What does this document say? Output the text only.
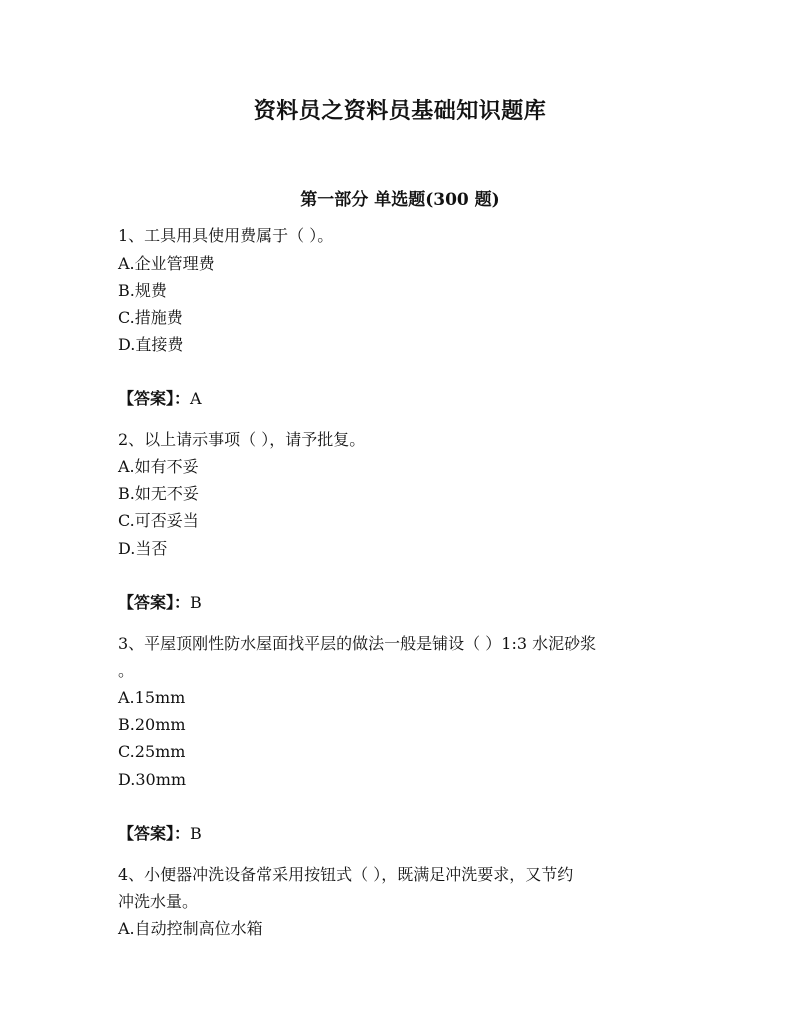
资料员之资料员基础知识题库
第一部分 单选题(300 题)
1、工具用具使用费属于（ ）。
A.企业管理费
B.规费
C.措施费
D.直接费
【答案】：A
2、以上请示事项（ ），请予批复。
A.如有不妥
B.如无不妥
C.可否妥当
D.当否
【答案】：B
3、平屋顶刚性防水屋面找平层的做法一般是铺设（ ）1:3 水泥砂浆
。
A.15mm
B.20mm
C.25mm
D.30mm
【答案】：B
4、小便器冲洗设备常采用按钮式（ ），既满足冲洗要求，又节约
冲洗水量。
A.自动控制高位水箱
